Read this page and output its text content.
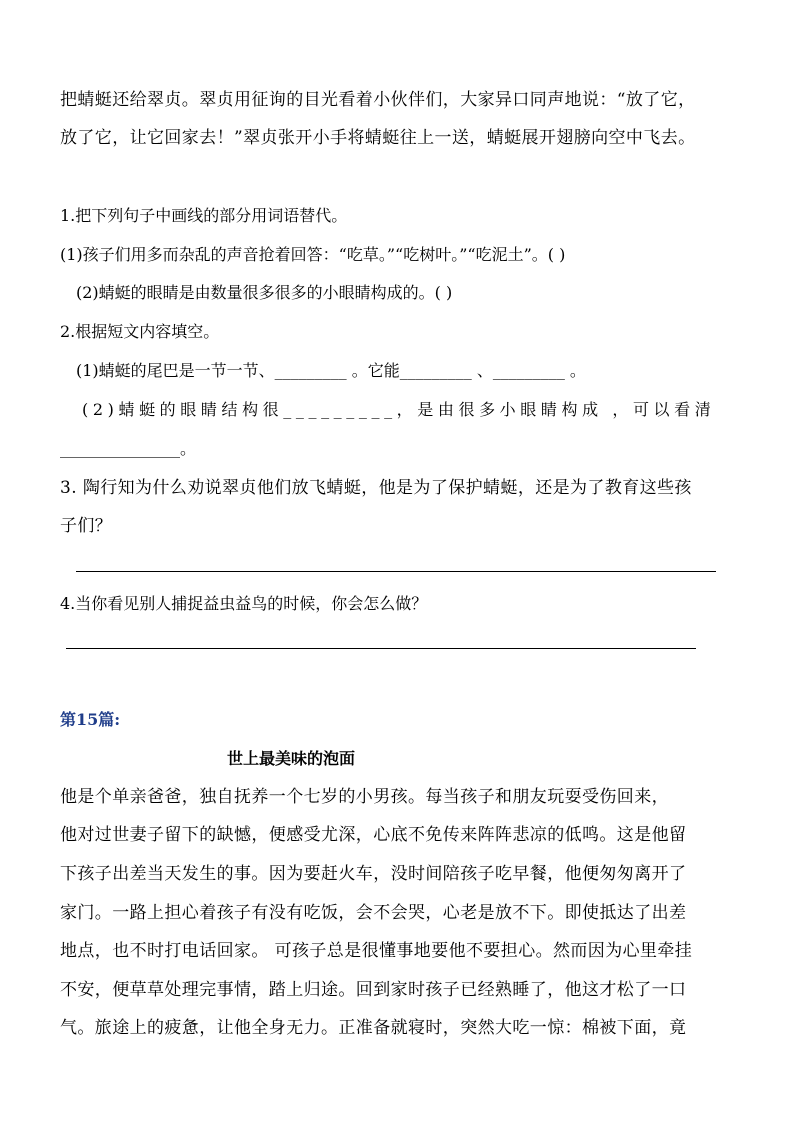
把蜻蜓还给翠贞。翠贞用征询的目光看着小伙伴们，大家异口同声地说：“放了它，
放了它，让它回家去！”翠贞张开小手将蜻蜓往上一送，蜻蜓展开翅膀向空中飞去。
1.把下列句子中画线的部分用词语替代。
(1)孩子们用多而杂乱的声音抢着回答：“吃草。”“吃树叶。”“吃泥土”。( )
(2)蜻蜓的眼睛是由数量很多很多的小眼睛构成的。( )
2.根据短文内容填空。
(1)蜻蜓的尾巴是一节一节、_________ 。它能_________ 、_________ 。
(2)蜻蜓的眼睛结构很_________，是由很多小眼睛构成 ，可以看清
_______________。
3. 陶行知为什么劝说翠贞他们放飞蜻蜓，他是为了保护蜻蜓，还是为了教育这些孩
子们？
4.当你看见别人捕捉益虫益鸟的时候，你会怎么做？
第15篇:
世上最美味的泡面
他是个单亲爸爸，独自抚养一个七岁的小男孩。每当孩子和朋友玩耍受伤回来，
他对过世妻子留下的缺憾，便感受尤深，心底不免传来阵阵悲凉的低鸣。这是他留
下孩子出差当天发生的事。因为要赶火车，没时间陪孩子吃早餐，他便匆匆离开了
家门。一路上担心着孩子有没有吃饭，会不会哭，心老是放不下。即使抵达了出差
地点，也不时打电话回家。 可孩子总是很懂事地要他不要担心。然而因为心里牵挂
不安，便草草处理完事情，踏上归途。回到家时孩子已经熟睡了，他这才松了一口
气。旅途上的疲惫，让他全身无力。正准备就寝时，突然大吃一惊：棉被下面，竟
